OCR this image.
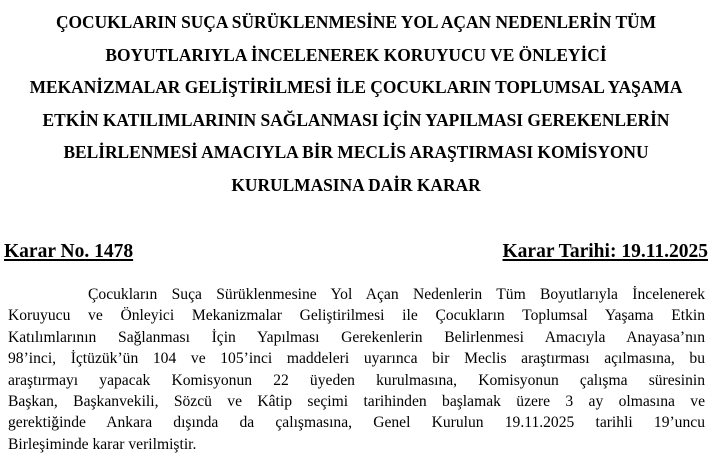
ÇOCUKLARIN SUÇA SÜRÜKLENMESİNE YOL AÇAN NEDENLERİN TÜM
BOYUTLARIYLA İNCELENEREK KORUYUCU VE ÖNLEYİCİ
MEKANİZMALAR GELİŞTİRİLMESİ İLE ÇOCUKLARIN TOPLUMSAL YAŞAMA
ETKİN KATILIMLARININ SAĞLANMASI İÇİN YAPILMASI GEREKENLERİN
BELİRLENMESİ AMACIYLA BİR MECLİS ARAŞTIRMASI KOMİSYONU
KURULMASINA DAİR KARAR
Karar No. 1478	Karar Tarihi: 19.11.2025

Çocukların Suça Sürüklenmesine Yol Açan Nedenlerin Tüm Boyutlarıyla İncelenerek
Koruyucu ve Önleyici Mekanizmalar Geliştirilmesi ile Çocukların Toplumsal Yaşama Etkin
Katılımlarının Sağlanması İçin Yapılması Gerekenlerin Belirlenmesi Amacıyla Anayasa’nın
98’inci, İçtüzük’ün 104 ve 105’inci maddeleri uyarınca bir Meclis araştırması açılmasına, bu
araştırmayı yapacak Komisyonun 22 üyeden kurulmasına, Komisyonun çalışma süresinin
Başkan, Başkanvekili, Sözcü ve Kâtip seçimi tarihinden başlamak üzere 3 ay olmasına ve
gerektiğinde Ankara dışında da çalışmasına, Genel Kurulun 19.11.2025 tarihli 19’uncu
Birleşiminde karar verilmiştir.
